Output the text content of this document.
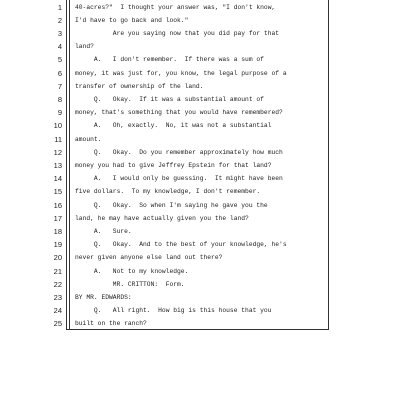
1 40-acres?"  I thought your answer was, "I don't know,
2 I'd have to go back and look."
3 Are you saying now that you did pay for that
4 land?
5 A.   I don't remember.  If there was a sum of
6 money, it was just for, you know, the legal purpose of a
7 transfer of ownership of the land.
8 Q.   Okay.  If it was a substantial amount of
9 money, that's something that you would have remembered?
10 A.   Oh, exactly.  No, it was not a substantial
11 amount.
12 Q.   Okay.  Do you remember approximately how much
13 money you had to give Jeffrey Epstein for that land?
14 A.   I would only be guessing.  It might have been
15 five dollars.  To my knowledge, I don't remember.
16 Q.   Okay.  So when I'm saying he gave you the
17 land, he may have actually given you the land?
18 A.   Sure.
19 Q.   Okay.  And to the best of your knowledge, he's
20 never given anyone else land out there?
21 A.   Not to my knowledge.
22 MR. CRITTON:  Form.
23 BY MR. EDWARDS:
24 Q.   All right.  How big is this house that you
25 built on the ranch?
